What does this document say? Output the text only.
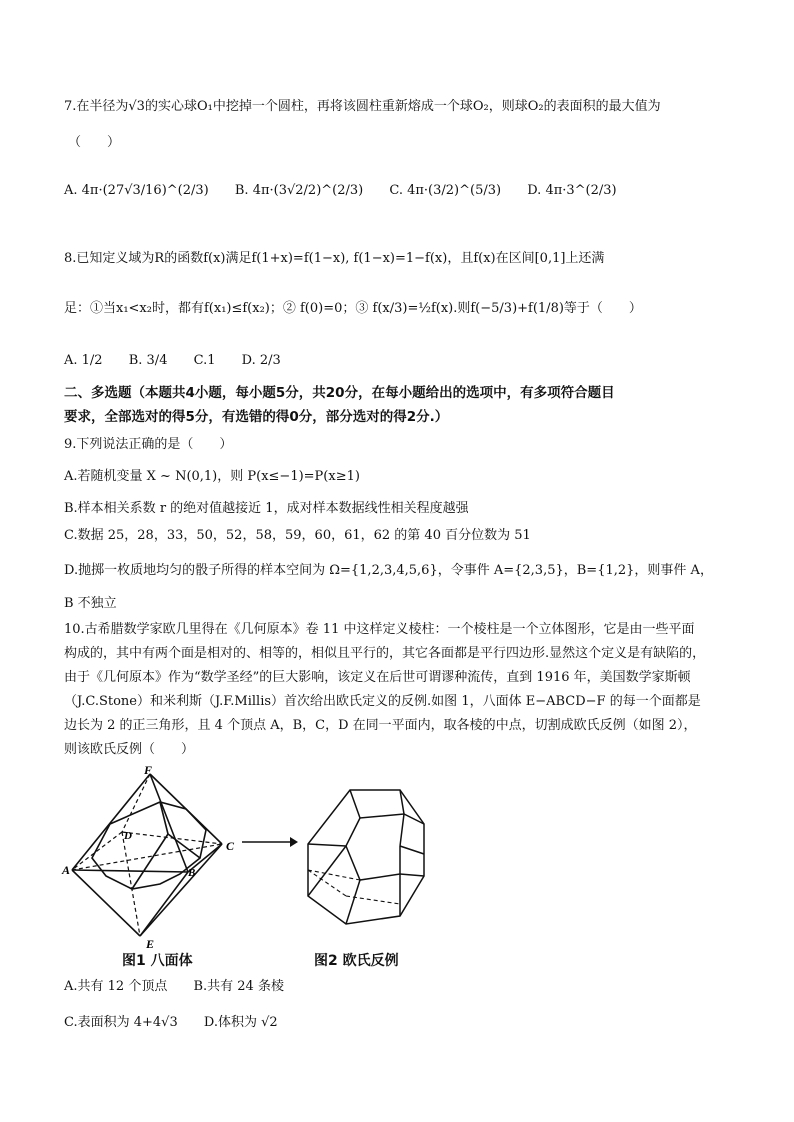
7.在半径为√3的实心球O₁中挖掉一个圆柱，再将该圆柱重新熔成一个球O₂，则球O₂的表面积的最大值为
（　　）
A. 4π·(27√3/16)^(2/3) B. 4π·(3√2/2)^(2/3) C. 4π·(3/2)^(5/3) D. 4π·3^(2/3)
8.已知定义域为R的函数f(x)满足f(1+x)=f(1−x), f(1−x)=1−f(x)，且f(x)在区间[0,1]上还满
足：①当x₁<x₂时，都有f(x₁)≤f(x₂)；② f(0)=0；③ f(x/3)=½f(x).则f(−5/3)+f(1/8)等于（　　）
A. 1/2 B. 3/4 C.1 D. 2/3
二、多选题（本题共4小题，每小题5分，共20分，在每小题给出的选项中，有多项符合题目
要求，全部选对的得5分，有选错的得0分，部分选对的得2分.）
9.下列说法正确的是（　　）
A.若随机变量 X ~ N(0,1)，则 P(x≤−1)=P(x≥1)
B.样本相关系数 r 的绝对值越接近 1，成对样本数据线性相关程度越强
C.数据 25，28，33，50，52，58，59，60，61，62 的第 40 百分位数为 51
D.抛掷一枚质地均匀的骰子所得的样本空间为 Ω={1,2,3,4,5,6}，令事件 A={2,3,5}，B={1,2}，则事件 A，
B 不独立
10.古希腊数学家欧几里得在《几何原本》卷 11 中这样定义棱柱：一个棱柱是一个立体图形，它是由一些平面
构成的，其中有两个面是相对的、相等的，相似且平行的，其它各面都是平行四边形.显然这个定义是有缺陷的，
由于《几何原本》作为“数学圣经”的巨大影响，该定义在后世可谓谬种流传，直到 1916 年，美国数学家斯顿
（J.C.Stone）和米利斯（J.F.Millis）首次给出欧氏定义的反例.如图 1，八面体 E−ABCD−F 的每一个面都是
边长为 2 的正三角形，且 4 个顶点 A，B，C，D 在同一平面内，取各棱的中点，切割成欧氏反例（如图 2），
则该欧氏反例（　　）
F
D
C
A	B
E
图1 八面体	图2 欧氏反例
A.共有 12 个顶点 B.共有 24 条棱
C.表面积为 4+4√3 D.体积为 √2
